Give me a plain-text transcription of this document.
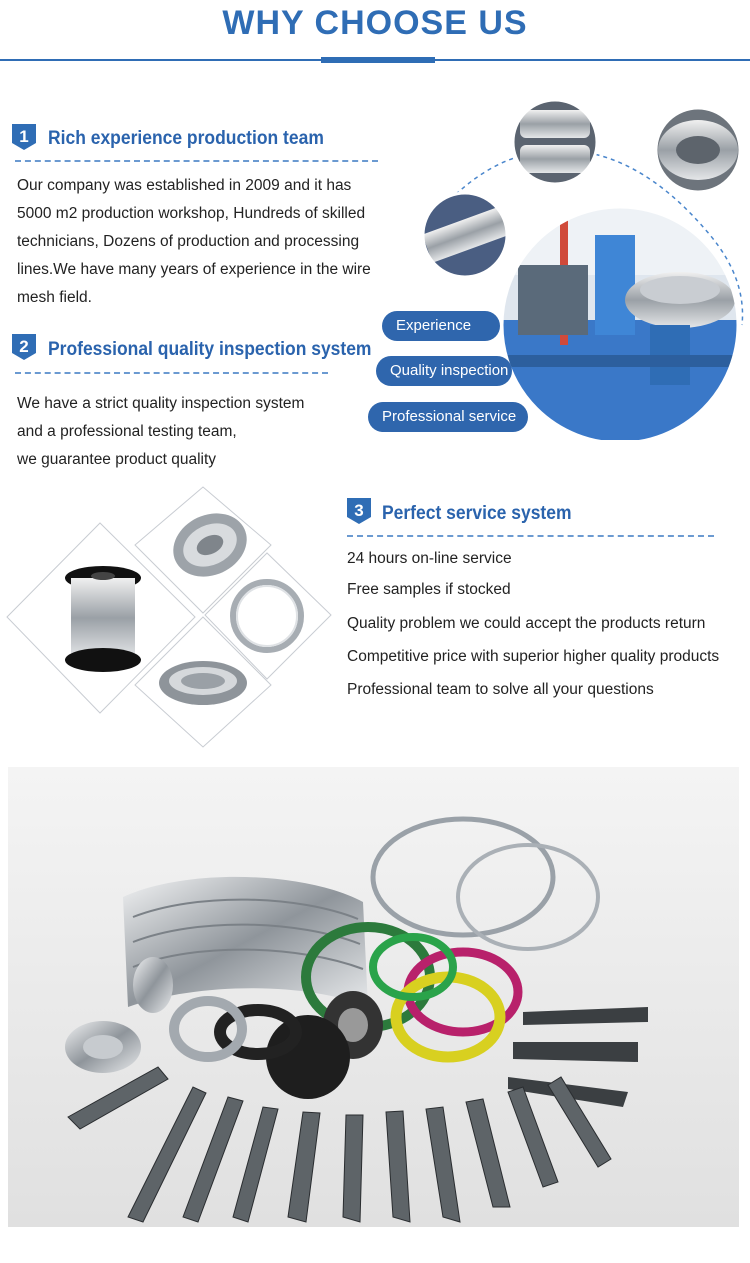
WHY CHOOSE US
1 Rich experience production team
Our company was established in 2009 and it has 5000 m2 production workshop, Hundreds of skilled technicians, Dozens of production and processing lines.We have many years of experience in the wire mesh field.
2 Professional quality inspection system
We have a strict quality inspection system
and a professional testing team,
we guarantee product quality
Experience
Quality inspection
Professional service
3 Perfect service system
24 hours on-line service
Free samples if stocked
Quality problem we could accept the products return
Competitive price with superior higher quality products
Professional team to solve all your questions
